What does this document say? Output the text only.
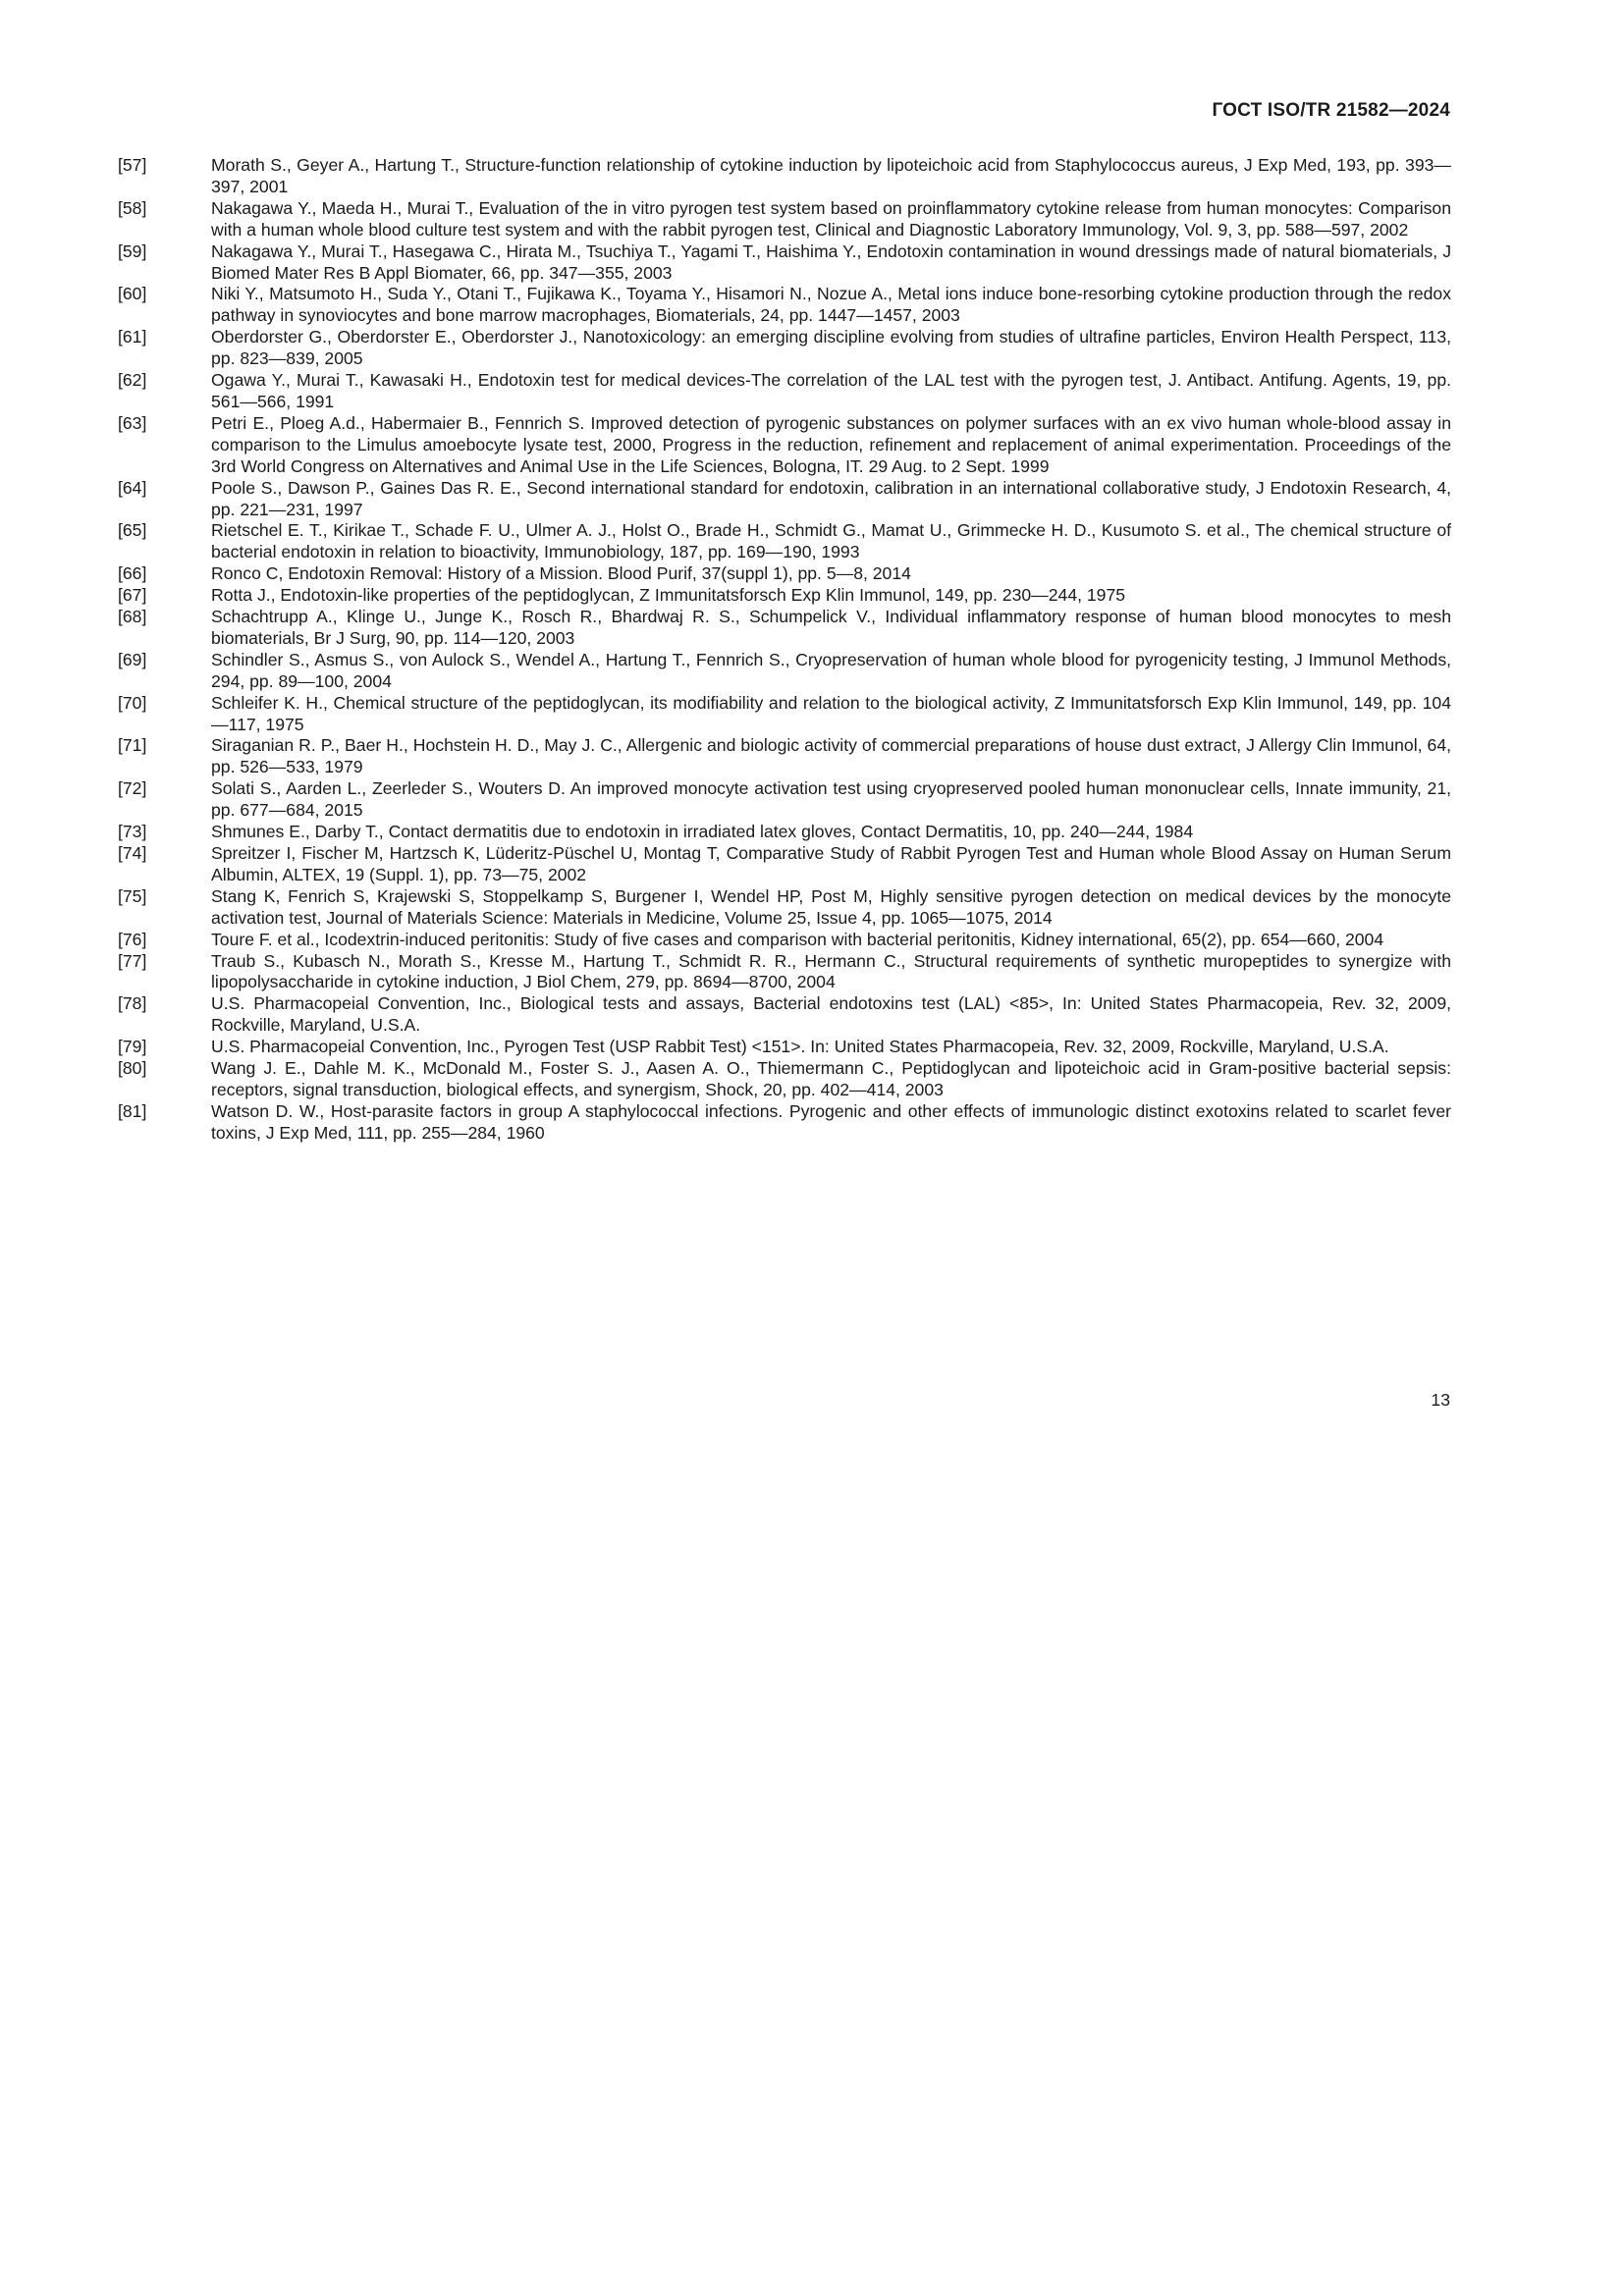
ГОСТ ISO/TR 21582—2024
[57]	Morath S., Geyer A., Hartung T., Structure-function relationship of cytokine induction by lipoteichoic acid from Staphylococcus aureus, J Exp Med, 193, pp. 393—397, 2001
[58]	Nakagawa Y., Maeda H., Murai T., Evaluation of the in vitro pyrogen test system based on proinflammatory cytokine release from human monocytes: Comparison with a human whole blood culture test system and with the rabbit pyrogen test, Clinical and Diagnostic Laboratory Immunology, Vol. 9, 3, pp. 588—597, 2002
[59]	Nakagawa Y., Murai T., Hasegawa C., Hirata M., Tsuchiya T., Yagami T., Haishima Y., Endotoxin contamination in wound dressings made of natural biomaterials, J Biomed Mater Res B Appl Biomater, 66, pp. 347—355, 2003
[60]	Niki Y., Matsumoto H., Suda Y., Otani T., Fujikawa K., Toyama Y., Hisamori N., Nozue A., Metal ions induce bone-resorbing cytokine production through the redox pathway in synoviocytes and bone marrow macrophages, Biomaterials, 24, pp. 1447—1457, 2003
[61]	Oberdorster G., Oberdorster E., Oberdorster J., Nanotoxicology: an emerging discipline evolving from studies of ultrafine particles, Environ Health Perspect, 113, pp. 823—839, 2005
[62]	Ogawa Y., Murai T., Kawasaki H., Endotoxin test for medical devices-The correlation of the LAL test with the pyrogen test, J. Antibact. Antifung. Agents, 19, pp. 561—566, 1991
[63]	Petri E., Ploeg A.d., Habermaier B., Fennrich S. Improved detection of pyrogenic substances on polymer surfaces with an ex vivo human whole-blood assay in comparison to the Limulus amoebocyte lysate test, 2000, Progress in the reduction, refinement and replacement of animal experimentation. Proceedings of the 3rd World Congress on Alternatives and Animal Use in the Life Sciences, Bologna, IT. 29 Aug. to 2 Sept. 1999
[64]	Poole S., Dawson P., Gaines Das R. E., Second international standard for endotoxin, calibration in an international collaborative study, J Endotoxin Research, 4, pp. 221—231, 1997
[65]	Rietschel E. T., Kirikae T., Schade F. U., Ulmer A. J., Holst O., Brade H., Schmidt G., Mamat U., Grimmecke H. D., Kusumoto S. et al., The chemical structure of bacterial endotoxin in relation to bioactivity, Immunobiology, 187, pp. 169—190, 1993
[66]	Ronco C, Endotoxin Removal: History of a Mission. Blood Purif, 37(suppl 1), pp. 5—8, 2014
[67]	Rotta J., Endotoxin-like properties of the peptidoglycan, Z Immunitatsforsch Exp Klin Immunol, 149, pp. 230—244, 1975
[68]	Schachtrupp A., Klinge U., Junge K., Rosch R., Bhardwaj R. S., Schumpelick V., Individual inflammatory response of human blood monocytes to mesh biomaterials, Br J Surg, 90, pp. 114—120, 2003
[69]	Schindler S., Asmus S., von Aulock S., Wendel A., Hartung T., Fennrich S., Cryopreservation of human whole blood for pyrogenicity testing, J Immunol Methods, 294, pp. 89—100, 2004
[70]	Schleifer K. H., Chemical structure of the peptidoglycan, its modifiability and relation to the biological activity, Z Immunitatsforsch Exp Klin Immunol, 149, pp. 104—117, 1975
[71]	Siraganian R. P., Baer H., Hochstein H. D., May J. C., Allergenic and biologic activity of commercial preparations of house dust extract, J Allergy Clin Immunol, 64, pp. 526—533, 1979
[72]	Solati S., Aarden L., Zeerleder S., Wouters D. An improved monocyte activation test using cryopreserved pooled human mononuclear cells, Innate immunity, 21, pp. 677—684, 2015
[73]	Shmunes E., Darby T., Contact dermatitis due to endotoxin in irradiated latex gloves, Contact Dermatitis, 10, pp. 240—244, 1984
[74]	Spreitzer I, Fischer M, Hartzsch K, Lüderitz-Püschel U, Montag T, Comparative Study of Rabbit Pyrogen Test and Human whole Blood Assay on Human Serum Albumin, ALTEX, 19 (Suppl. 1), pp. 73—75, 2002
[75]	Stang K, Fenrich S, Krajewski S, Stoppelkamp S, Burgener I, Wendel HP, Post M, Highly sensitive pyrogen detection on medical devices by the monocyte activation test, Journal of Materials Science: Materials in Medicine, Volume 25, Issue 4, pp. 1065—1075, 2014
[76]	Toure F. et al., Icodextrin-induced peritonitis: Study of five cases and comparison with bacterial peritonitis, Kidney international, 65(2), pp. 654—660, 2004
[77]	Traub S., Kubasch N., Morath S., Kresse M., Hartung T., Schmidt R. R., Hermann C., Structural requirements of synthetic muropeptides to synergize with lipopolysaccharide in cytokine induction, J Biol Chem, 279, pp. 8694—8700, 2004
[78]	U.S. Pharmacopeial Convention, Inc., Biological tests and assays, Bacterial endotoxins test (LAL) <85>, In: United States Pharmacopeia, Rev. 32, 2009, Rockville, Maryland, U.S.A.
[79]	U.S. Pharmacopeial Convention, Inc., Pyrogen Test (USP Rabbit Test) <151>. In: United States Pharmacopeia, Rev. 32, 2009, Rockville, Maryland, U.S.A.
[80]	Wang J. E., Dahle M. K., McDonald M., Foster S. J., Aasen A. O., Thiemermann C., Peptidoglycan and lipoteichoic acid in Gram-positive bacterial sepsis: receptors, signal transduction, biological effects, and synergism, Shock, 20, pp. 402—414, 2003
[81]	Watson D. W., Host-parasite factors in group A staphylococcal infections. Pyrogenic and other effects of immunologic distinct exotoxins related to scarlet fever toxins, J Exp Med, 111, pp. 255—284, 1960
13
